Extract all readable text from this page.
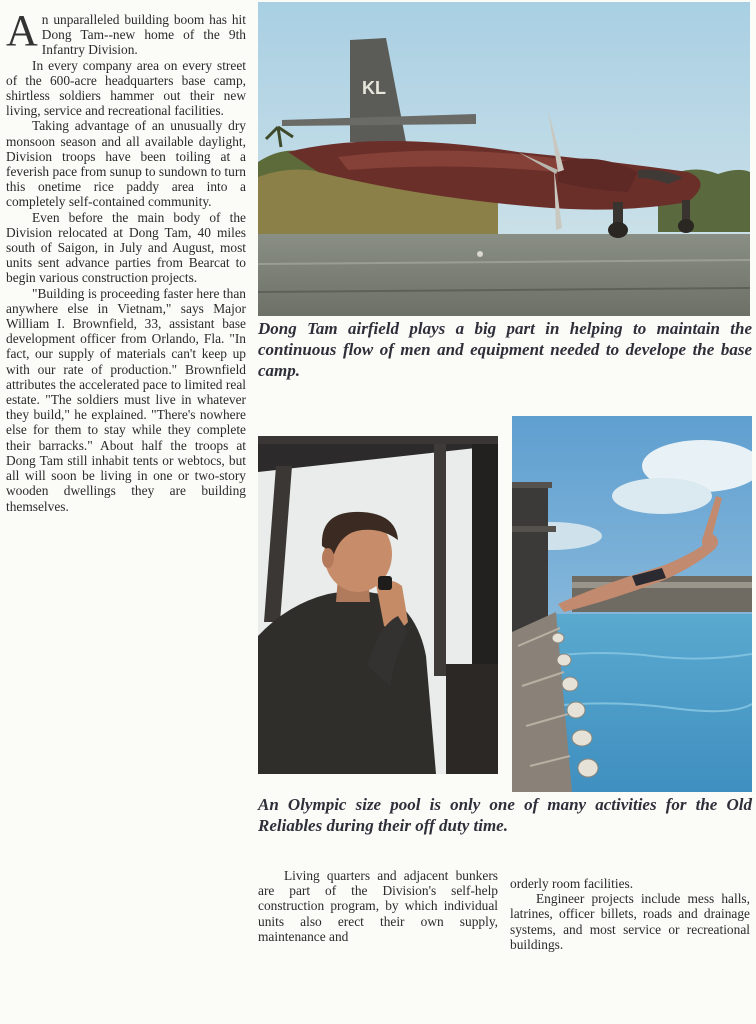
An unparalleled building boom has hit Dong Tam--new home of the 9th Infantry Division.

In every company area on every street of the 600-acre headquarters base camp, shirtless soldiers hammer out their new living, service and recreational facilities.

Taking advantage of an unusually dry monsoon season and all available daylight, Division troops have been toiling at a feverish pace from sunup to sundown to turn this onetime rice paddy area into a completely self-contained community.

Even before the main body of the Division relocated at Dong Tam, 40 miles south of Saigon, in July and August, most units sent advance parties from Bearcat to begin various construction projects.

"Building is proceeding faster here than anywhere else in Vietnam," says Major William I. Brownfield, 33, assistant base development officer from Orlando, Fla. "In fact, our supply of materials can't keep up with our rate of production." Brownfield attributes the accelerated pace to limited real estate. "The soldiers must live in whatever they build," he explained. "There's nowhere else for them to stay while they complete their barracks." About half the troops at Dong Tam still inhabit tents or webtocs, but all will soon be living in one or two-story wooden dwellings they are building themselves.

KL
Dong Tam airfield plays a big part in helping to maintain the continuous flow of men and equipment needed to develope the base camp.
An Olympic size pool is only one of many activities for the Old Reliables during their off duty time.

Living quarters and adjacent bunkers are part of the Division's self-help construction program, by which individual units also erect their own supply, maintenance and

orderly room facilities.

Engineer projects include mess halls, latrines, officer billets, roads and drainage systems, and most service or recreational buildings.
